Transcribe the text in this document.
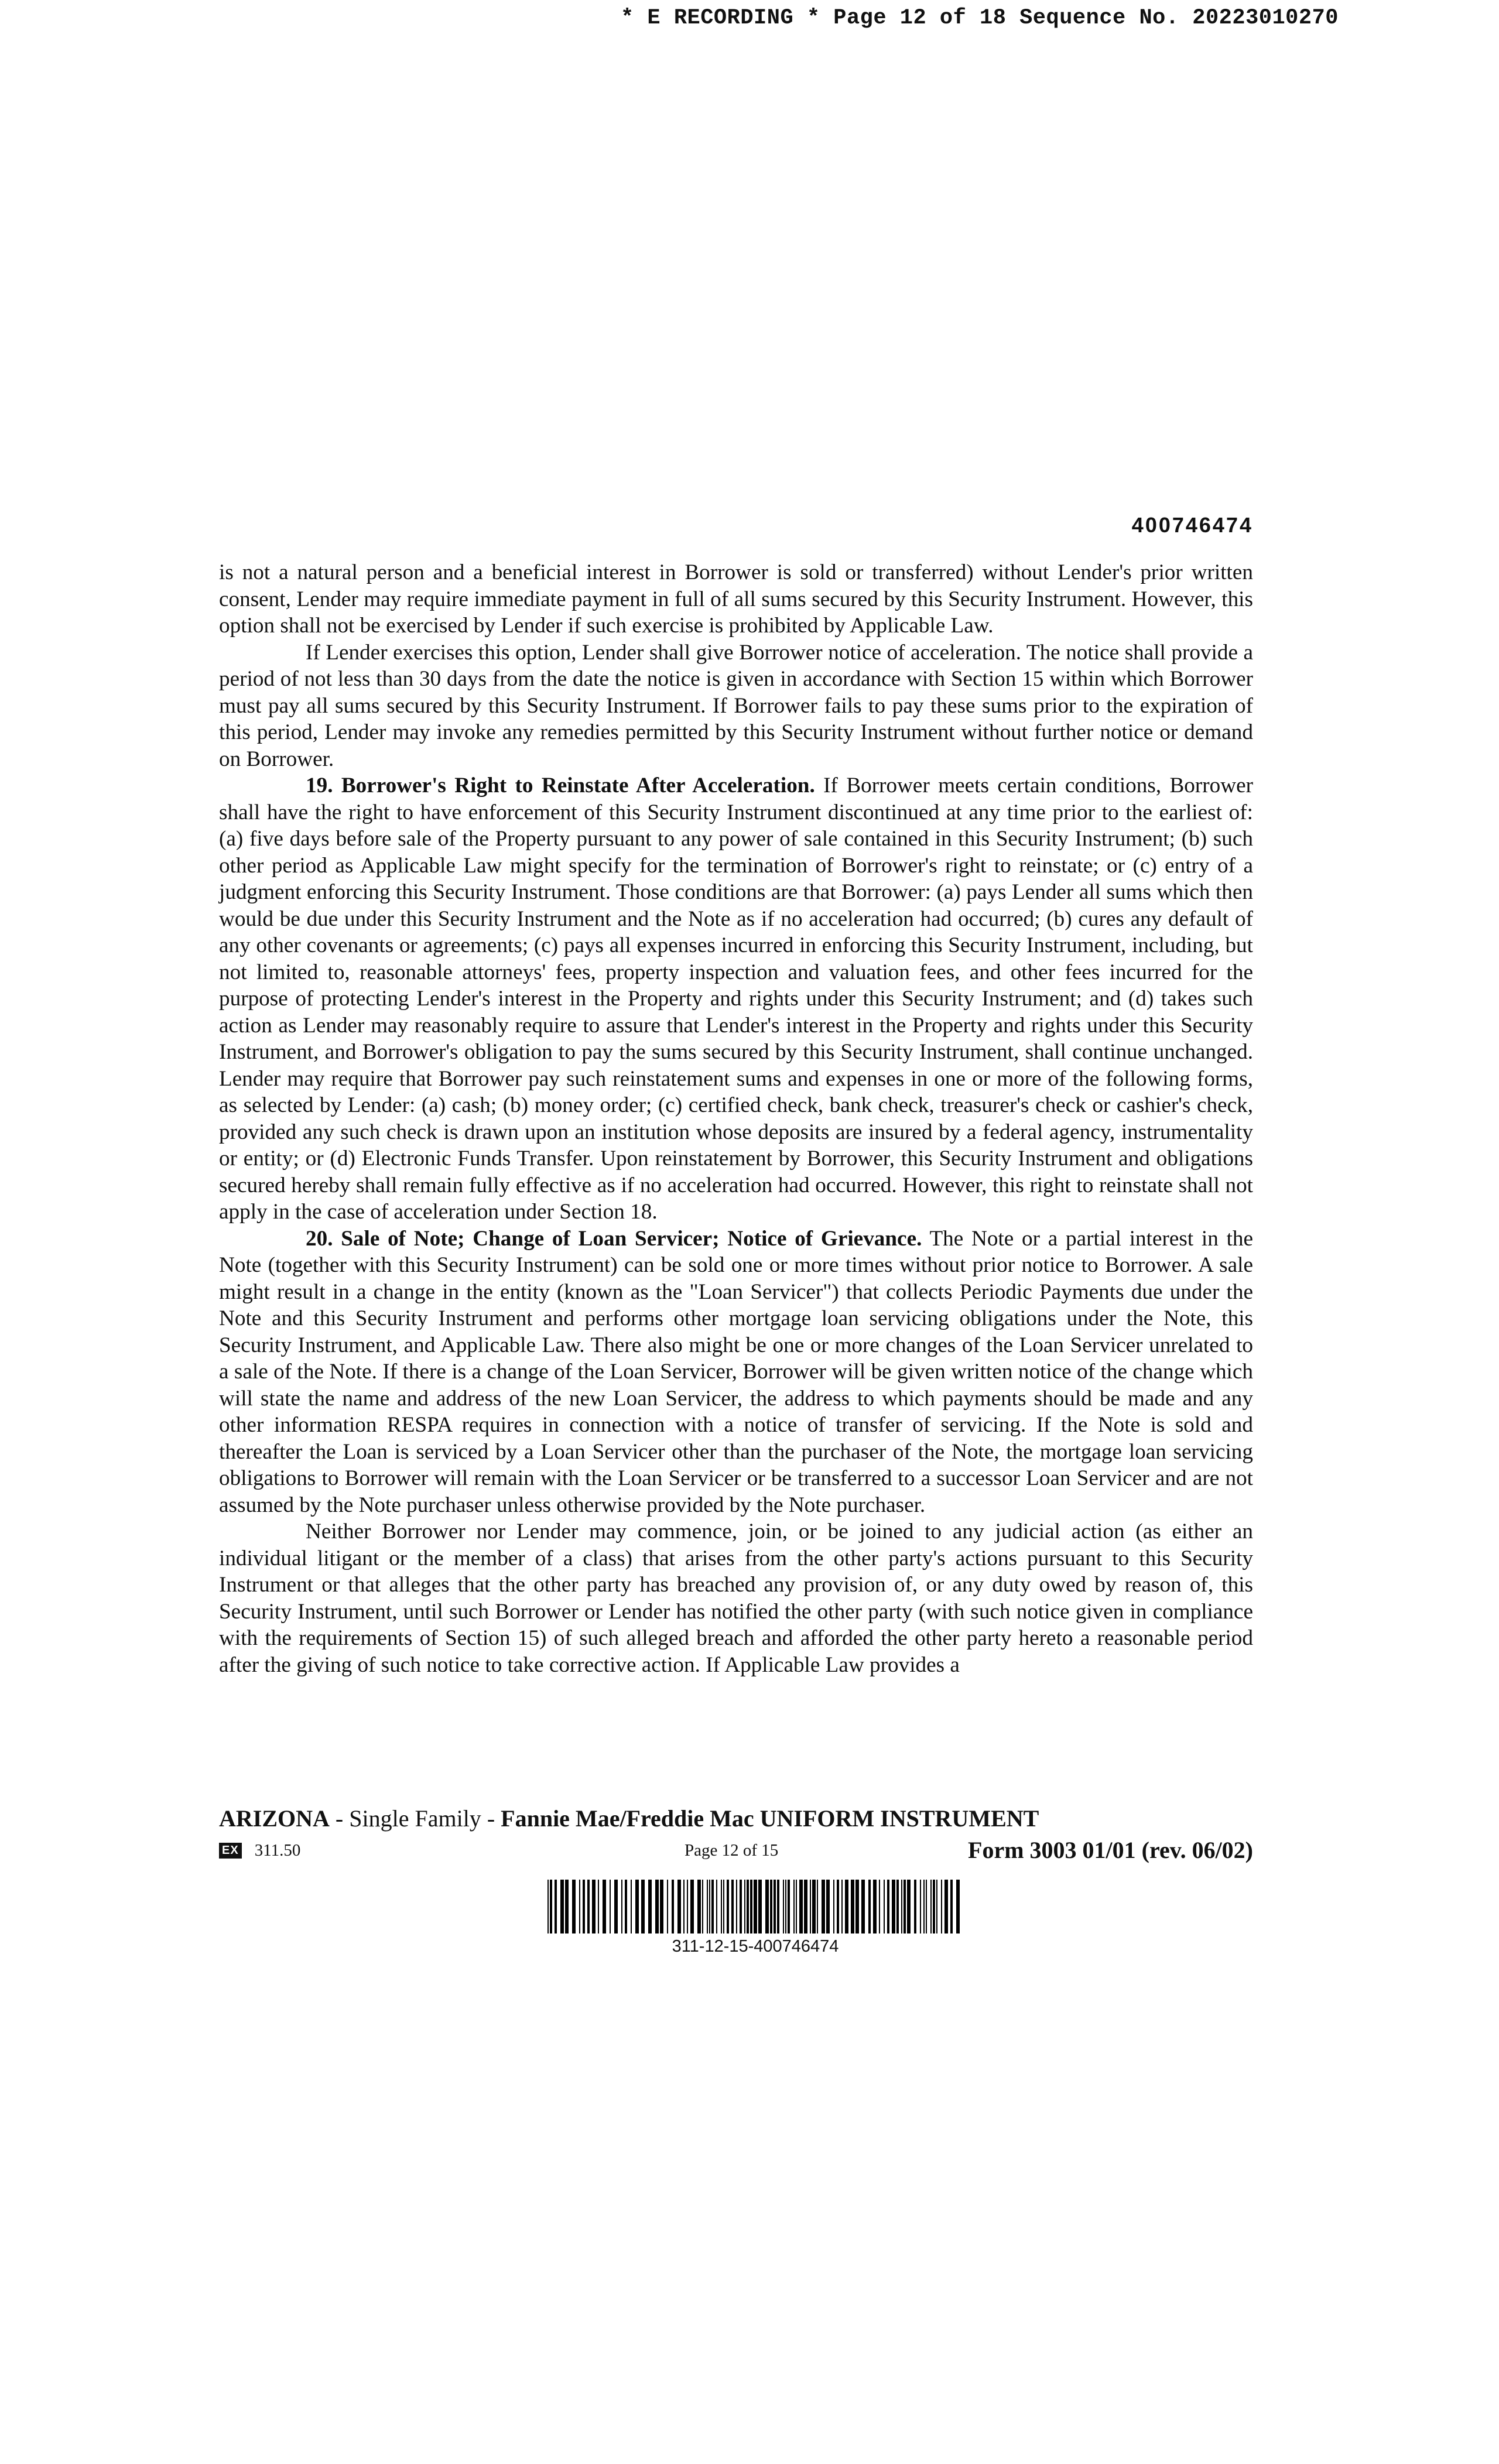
* E RECORDING * Page 12 of 18 Sequence No. 20223010270
400746474

is not a natural person and a beneficial interest in Borrower is sold or transferred) without Lender's prior written consent, Lender may require immediate payment in full of all sums secured by this Security Instrument. However, this option shall not be exercised by Lender if such exercise is prohibited by Applicable Law.

If Lender exercises this option, Lender shall give Borrower notice of acceleration. The notice shall provide a period of not less than 30 days from the date the notice is given in accordance with Section 15 within which Borrower must pay all sums secured by this Security Instrument. If Borrower fails to pay these sums prior to the expiration of this period, Lender may invoke any remedies permitted by this Security Instrument without further notice or demand on Borrower.

19. Borrower's Right to Reinstate After Acceleration. If Borrower meets certain conditions, Borrower shall have the right to have enforcement of this Security Instrument discontinued at any time prior to the earliest of: (a) five days before sale of the Property pursuant to any power of sale contained in this Security Instrument; (b) such other period as Applicable Law might specify for the termination of Borrower's right to reinstate; or (c) entry of a judgment enforcing this Security Instrument. Those conditions are that Borrower: (a) pays Lender all sums which then would be due under this Security Instrument and the Note as if no acceleration had occurred; (b) cures any default of any other covenants or agreements; (c) pays all expenses incurred in enforcing this Security Instrument, including, but not limited to, reasonable attorneys' fees, property inspection and valuation fees, and other fees incurred for the purpose of protecting Lender's interest in the Property and rights under this Security Instrument; and (d) takes such action as Lender may reasonably require to assure that Lender's interest in the Property and rights under this Security Instrument, and Borrower's obligation to pay the sums secured by this Security Instrument, shall continue unchanged. Lender may require that Borrower pay such reinstatement sums and expenses in one or more of the following forms, as selected by Lender: (a) cash; (b) money order; (c) certified check, bank check, treasurer's check or cashier's check, provided any such check is drawn upon an institution whose deposits are insured by a federal agency, instrumentality or entity; or (d) Electronic Funds Transfer. Upon reinstatement by Borrower, this Security Instrument and obligations secured hereby shall remain fully effective as if no acceleration had occurred. However, this right to reinstate shall not apply in the case of acceleration under Section 18.

20. Sale of Note; Change of Loan Servicer; Notice of Grievance. The Note or a partial interest in the Note (together with this Security Instrument) can be sold one or more times without prior notice to Borrower. A sale might result in a change in the entity (known as the "Loan Servicer") that collects Periodic Payments due under the Note and this Security Instrument and performs other mortgage loan servicing obligations under the Note, this Security Instrument, and Applicable Law. There also might be one or more changes of the Loan Servicer unrelated to a sale of the Note. If there is a change of the Loan Servicer, Borrower will be given written notice of the change which will state the name and address of the new Loan Servicer, the address to which payments should be made and any other information RESPA requires in connection with a notice of transfer of servicing. If the Note is sold and thereafter the Loan is serviced by a Loan Servicer other than the purchaser of the Note, the mortgage loan servicing obligations to Borrower will remain with the Loan Servicer or be transferred to a successor Loan Servicer and are not assumed by the Note purchaser unless otherwise provided by the Note purchaser.

Neither Borrower nor Lender may commence, join, or be joined to any judicial action (as either an individual litigant or the member of a class) that arises from the other party's actions pursuant to this Security Instrument or that alleges that the other party has breached any provision of, or any duty owed by reason of, this Security Instrument, until such Borrower or Lender has notified the other party (with such notice given in compliance with the requirements of Section 15) of such alleged breach and afforded the other party hereto a reasonable period after the giving of such notice to take corrective action. If Applicable Law provides a

ARIZONA - Single Family - Fannie Mae/Freddie Mac UNIFORM INSTRUMENT
EX 311.50	Page 12 of 15	Form 3003 01/01 (rev. 06/02)
311-12-15-400746474
